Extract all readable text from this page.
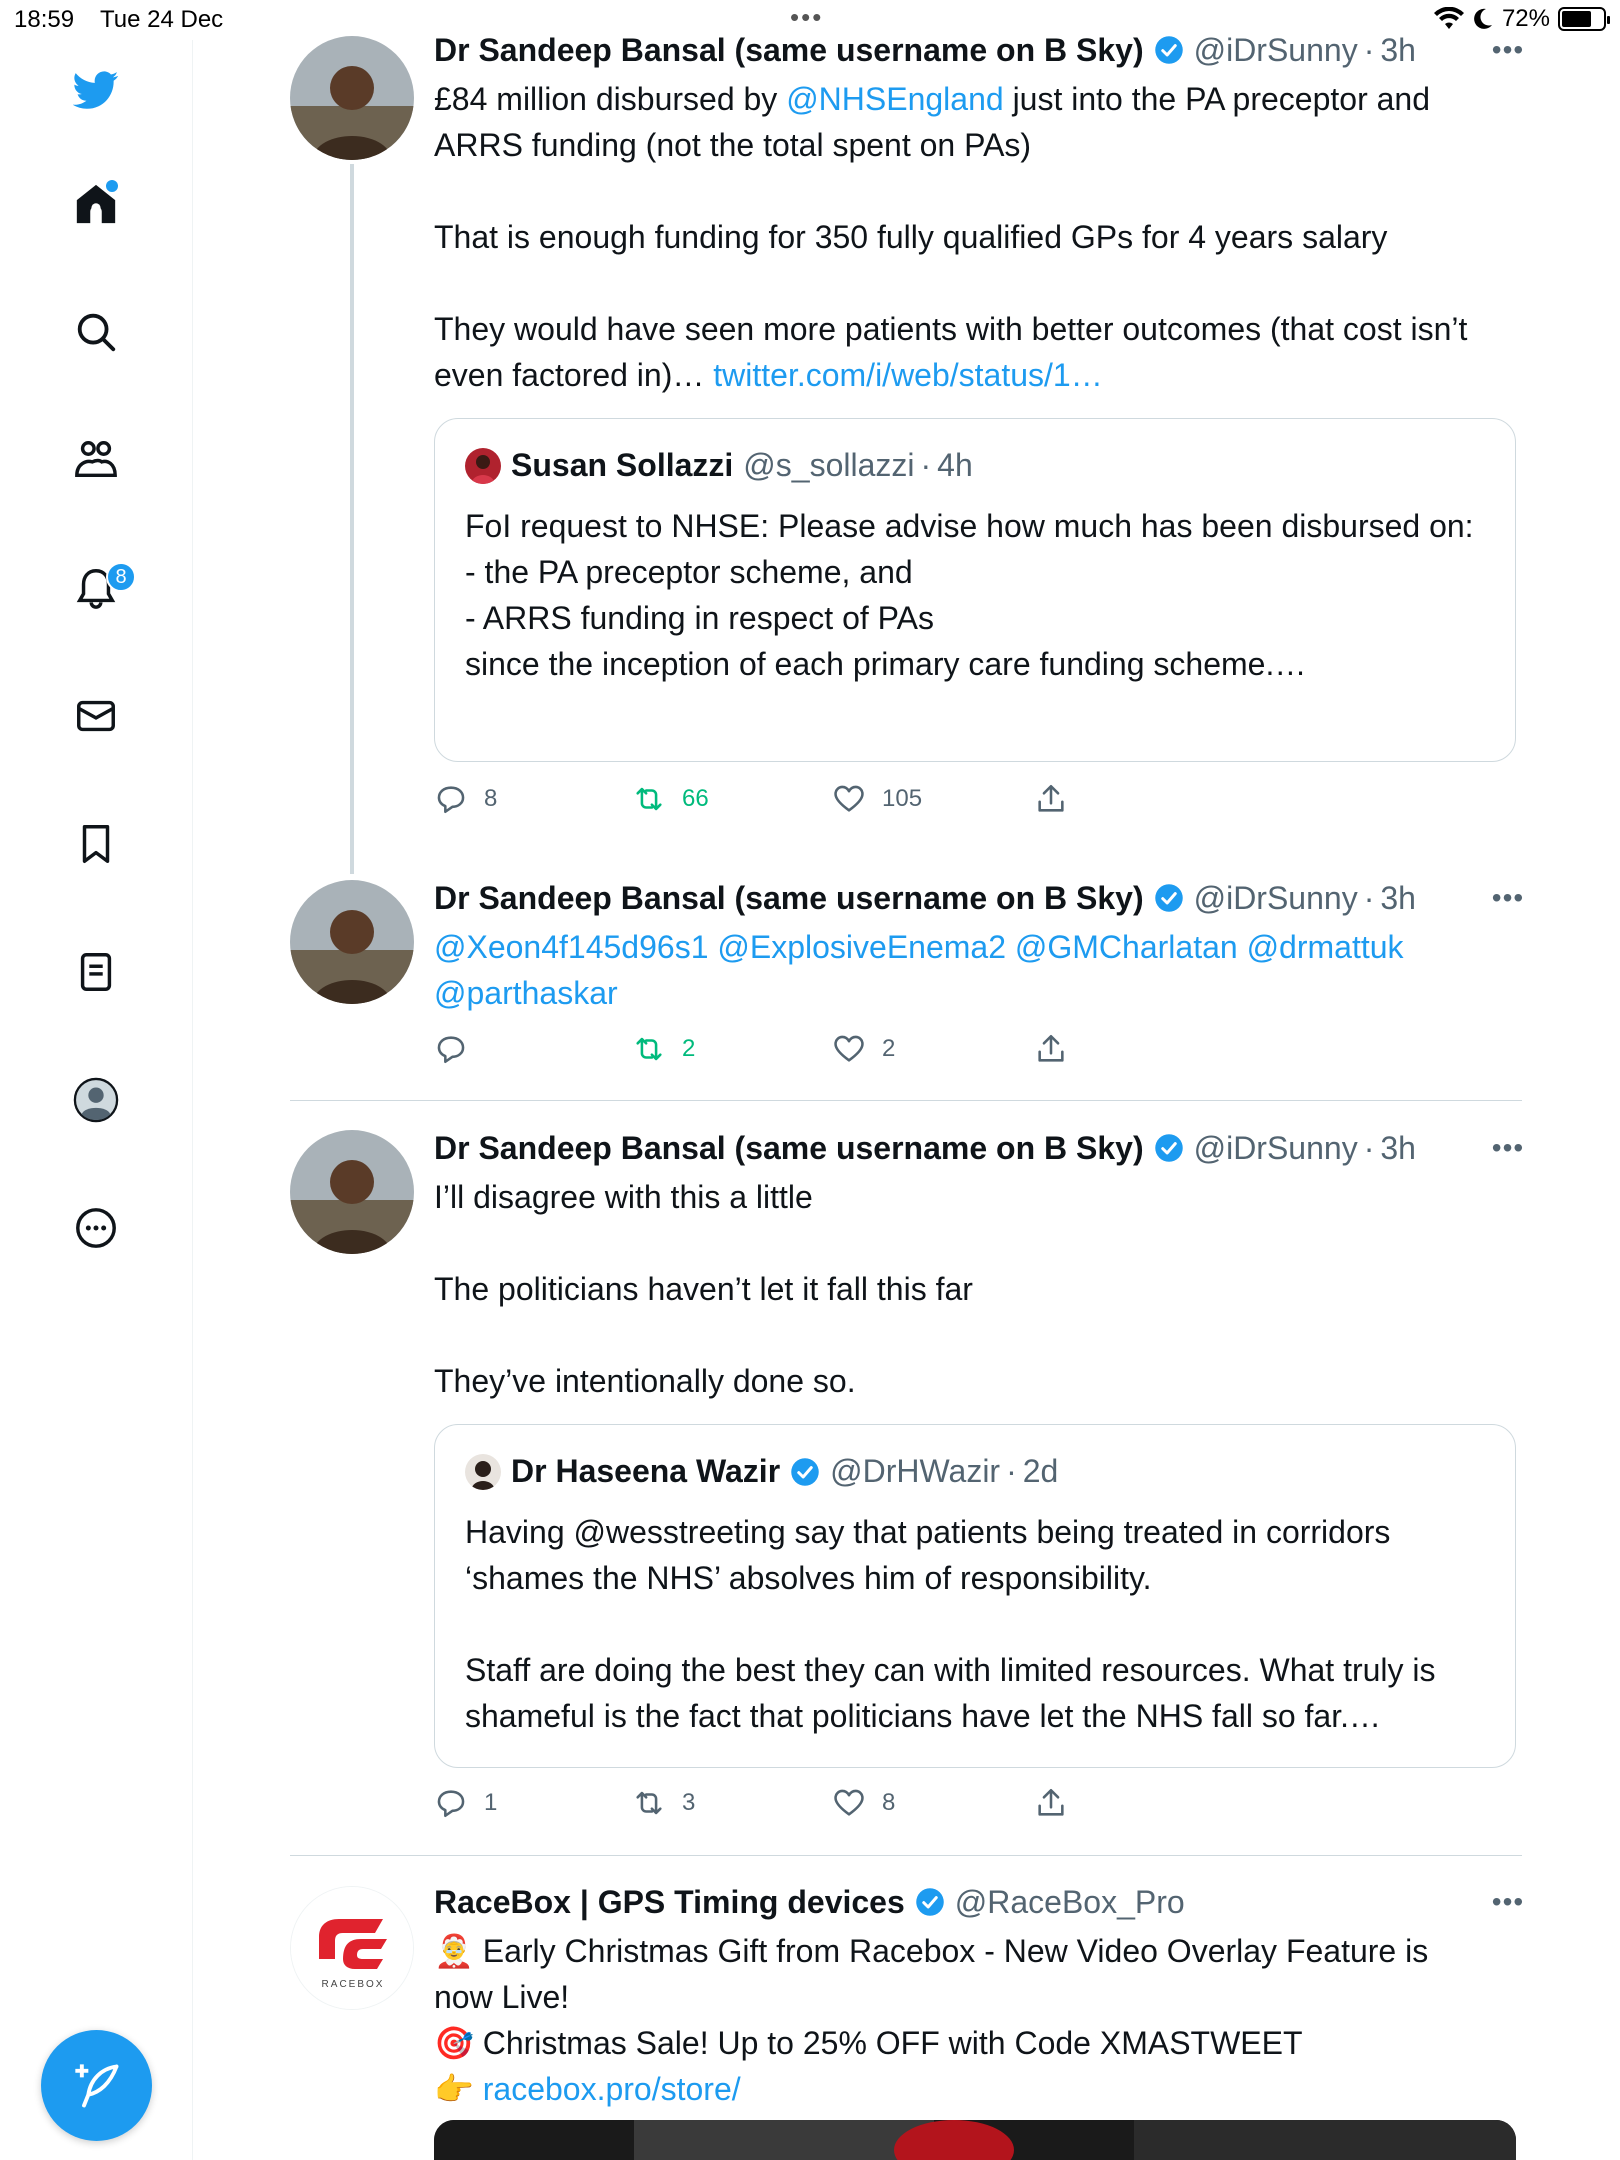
18:59 Tue 24 Dec	•••	72%
8
Dr Sandeep Bansal (same username on B Sky) @iDrSunny · 3h	•••
£84 million disbursed by @NHSEngland just into the PA preceptor and ARRS funding (not the total spent on PAs)

That is enough funding for 350 fully qualified GPs for 4 years salary

They would have seen more patients with better outcomes (that cost isn’t even factored in)… twitter.com/i/web/status/1…
Susan Sollazzi @s_sollazzi · 4h
FoI request to NHSE: Please advise how much has been disbursed on:
- the PA preceptor scheme, and
- ARRS funding in respect of PAs
since the inception of each primary care funding scheme.…
8	66	105
Dr Sandeep Bansal (same username on B Sky) @iDrSunny · 3h	•••
@Xeon4f145d96s1 @ExplosiveEnema2 @GMCharlatan @drmattuk @parthaskar
2	2
Dr Sandeep Bansal (same username on B Sky) @iDrSunny · 3h	•••
I’ll disagree with this a little

The politicians haven’t let it fall this far

They’ve intentionally done so.
Dr Haseena Wazir @DrHWazir · 2d
Having @wesstreeting say that patients being treated in corridors ‘shames the NHS’ absolves him of responsibility.

Staff are doing the best they can with limited resources. What truly is shameful is the fact that politicians have let the NHS fall so far.…
1	3	8
RACEBOX
RaceBox | GPS Timing devices @RaceBox_Pro	•••
🤶 Early Christmas Gift from Racebox - New Video Overlay Feature is now Live!
🎯 Christmas Sale! Up to 25% OFF with Code XMASTWEET
👉 racebox.pro/store/
